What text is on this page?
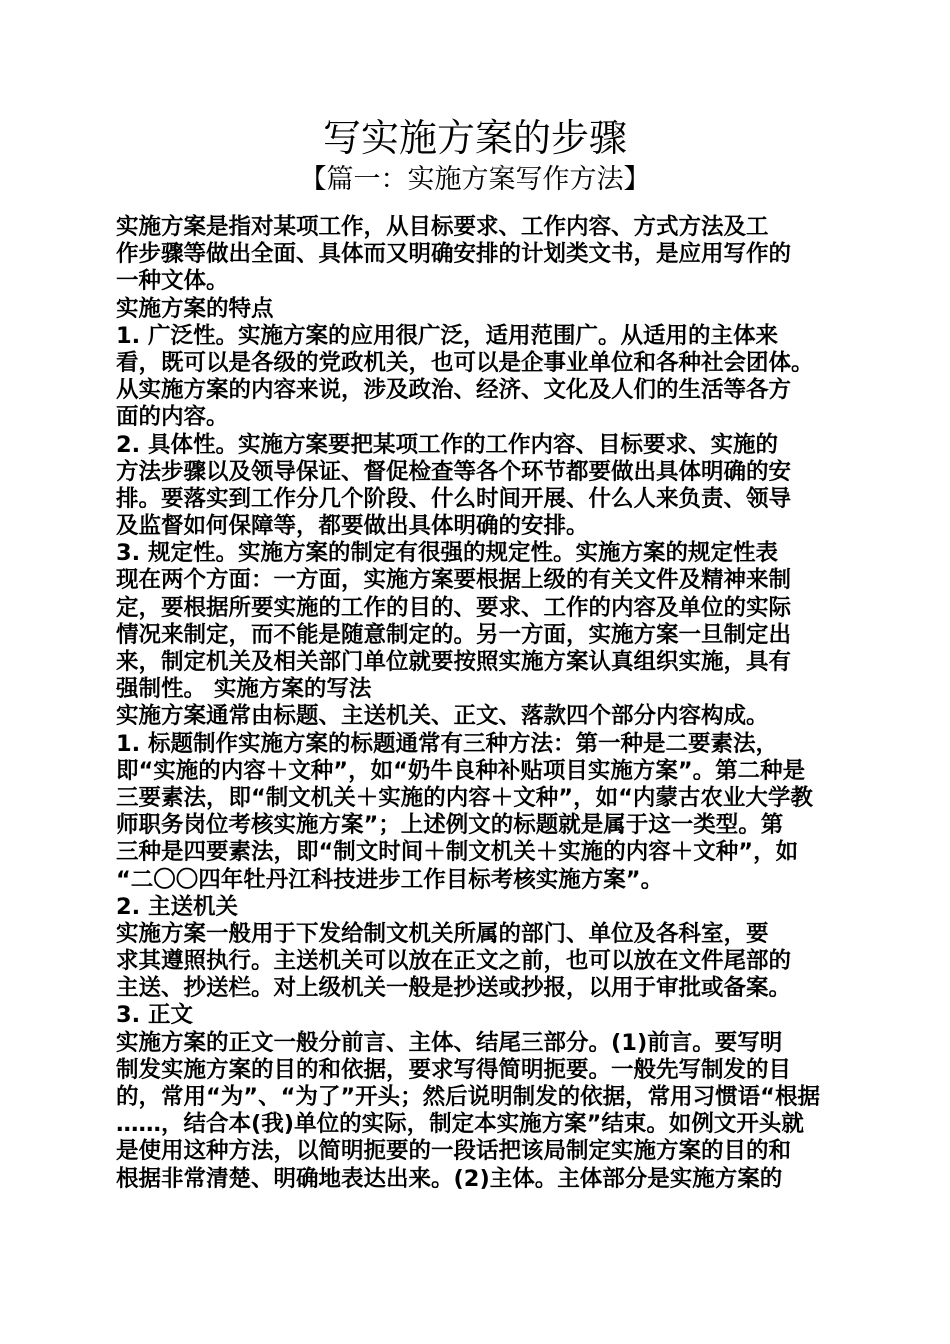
写实施方案的步骤
【篇一：实施方案写作方法】
实施方案是指对某项工作，从目标要求、工作内容、方式方法及工
作步骤等做出全面、具体而又明确安排的计划类文书，是应用写作的
一种文体。
实施方案的特点
1. 广泛性。实施方案的应用很广泛，适用范围广。从适用的主体来
看，既可以是各级的党政机关，也可以是企事业单位和各种社会团体。
从实施方案的内容来说，涉及政治、经济、文化及人们的生活等各方
面的内容。
2. 具体性。实施方案要把某项工作的工作内容、目标要求、实施的
方法步骤以及领导保证、督促检查等各个环节都要做出具体明确的安
排。要落实到工作分几个阶段、什么时间开展、什么人来负责、领导
及监督如何保障等，都要做出具体明确的安排。
3. 规定性。实施方案的制定有很强的规定性。实施方案的规定性表
现在两个方面：一方面，实施方案要根据上级的有关文件及精神来制
定，要根据所要实施的工作的目的、要求、工作的内容及单位的实际
情况来制定，而不能是随意制定的。另一方面，实施方案一旦制定出
来，制定机关及相关部门单位就要按照实施方案认真组织实施，具有
强制性。 实施方案的写法
实施方案通常由标题、主送机关、正文、落款四个部分内容构成。
1. 标题制作实施方案的标题通常有三种方法：第一种是二要素法，
即“实施的内容＋文种”，如“奶牛良种补贴项目实施方案”。第二种是
三要素法，即“制文机关＋实施的内容＋文种”，如“内蒙古农业大学教
师职务岗位考核实施方案”；上述例文的标题就是属于这一类型。第
三种是四要素法，即“制文时间＋制文机关＋实施的内容＋文种”，如
“二〇〇四年牡丹江科技进步工作目标考核实施方案”。
2. 主送机关
实施方案一般用于下发给制文机关所属的部门、单位及各科室，要
求其遵照执行。主送机关可以放在正文之前，也可以放在文件尾部的
主送、抄送栏。对上级机关一般是抄送或抄报，以用于审批或备案。
3. 正文
实施方案的正文一般分前言、主体、结尾三部分。(1)前言。要写明
制发实施方案的目的和依据，要求写得简明扼要。一般先写制发的目
的，常用“为”、“为了”开头；然后说明制发的依据，常用习惯语“根据
……，结合本(我)单位的实际，制定本实施方案”结束。如例文开头就
是使用这种方法，以简明扼要的一段话把该局制定实施方案的目的和
根据非常清楚、明确地表达出来。(2)主体。主体部分是实施方案的
